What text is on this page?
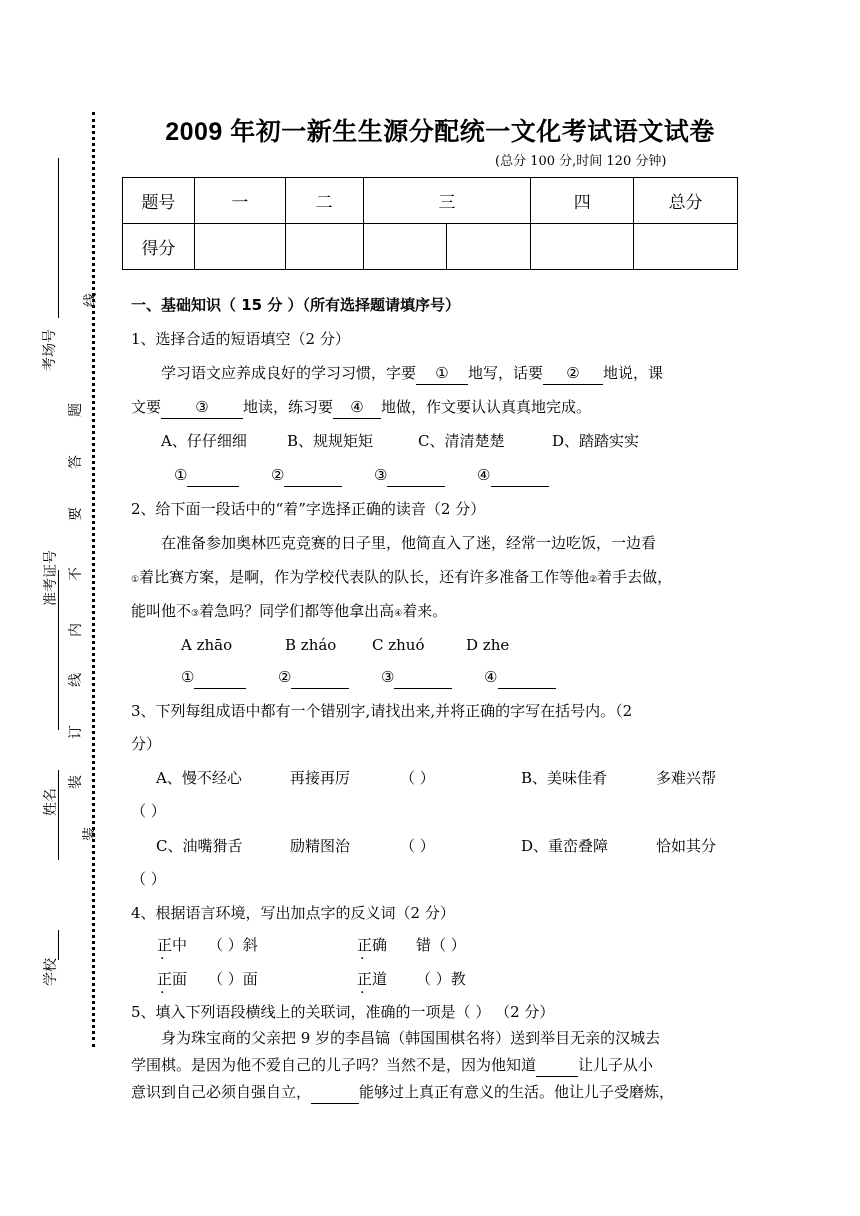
考场号
准考证号
姓名
学校
线
题
答
要
不
内
线
订
装
装
2009 年初一新生生源分配统一文化考试语文试卷
(总分 100 分,时间 120 分钟)
题号	一	二	三		四	总分
得分						
一、基础知识（ 15 分 ）（所有选择题请填序号）
1、选择合适的短语填空（2 分）
学习语文应养成良好的学习习惯，字要 ① 地写，话要 ② 地说，课
文要 ③ 地读，练习要 ④ 地做，作文要认认真真地完成。
A、仔仔细细	B、规规矩矩	C、清清楚楚	D、踏踏实实
①	②	③	④
2、给下面一段话中的“着”字选择正确的读音（2 分）
在准备参加奥林匹克竞赛的日子里，他简直入了迷，经常一边吃饭，一边看
①着比赛方案，是啊，作为学校代表队的队长，还有许多准备工作等他②着手去做，
能叫他不③着急吗？同学们都等他拿出高④着来。
A zhāo	B zháo C zhuó	D zhe
①	②	③	④
3、下列每组成语中都有一个错别字,请找出来,并将正确的字写在括号内。（2
分）
A、慢不经心	再接再厉	（ ）	B、美味佳肴	多难兴帮
（ ）
C、油嘴猾舌	励精图治	（ ）	D、重峦叠障	恰如其分
（ ）
4、根据语言环境，写出加点字的反义词（2 分）
正中 （ ）斜	正确 错（ ）
正面 （ ）面	正道 （ ）教
5、填入下列语段横线上的关联词，准确的一项是（ ） （2 分）
身为珠宝商的父亲把 9 岁的李昌镐（韩国围棋名将）送到举目无亲的汉城去
学围棋。是因为他不爱自己的儿子吗？当然不是，因为他知道	让儿子从小
意识到自己必须自强自立，	能够过上真正有意义的生活。他让儿子受磨炼，
